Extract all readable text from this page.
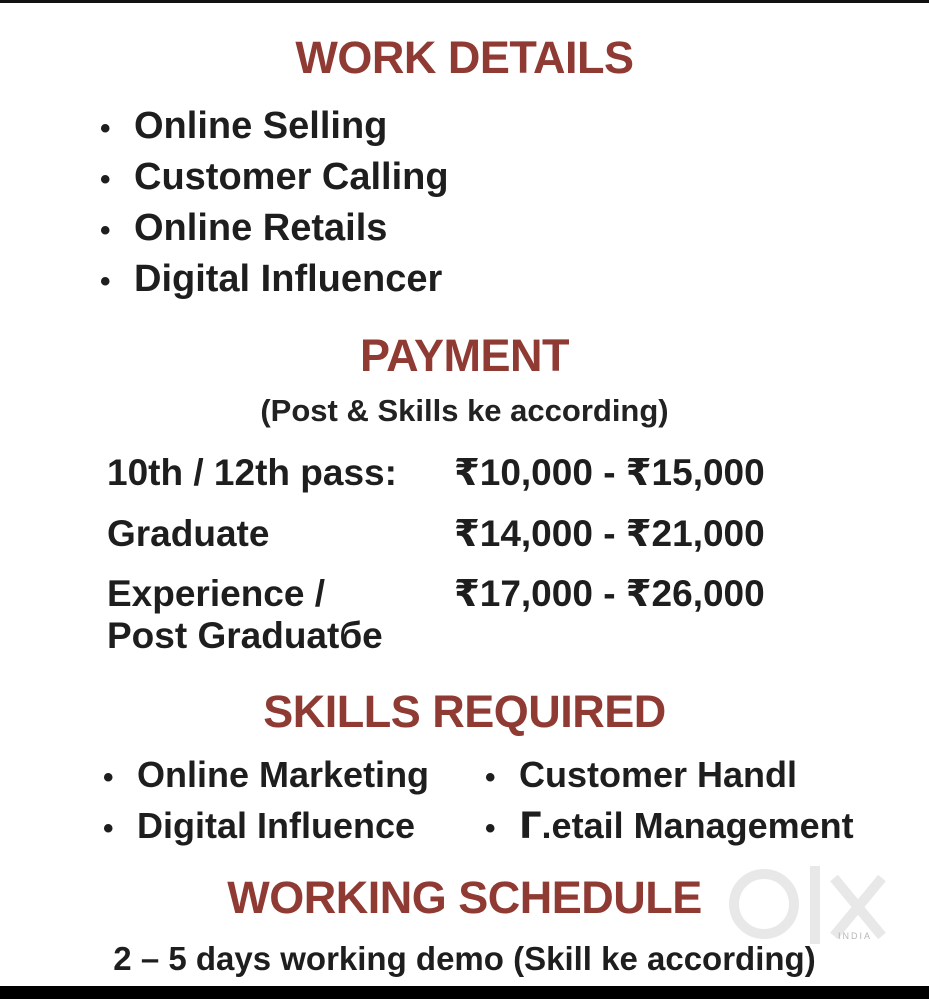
WORK DETAILS
• Online Selling
• Customer Calling
• Online Retails
• Digital Influencer
PAYMENT

(Post & Skills ke according)

10th / 12th pass: ₹10,000 - ₹15,000
Graduate	₹14,000 - ₹21,000
Experience /
Post Graduatбe
₹17,000 - ₹26,000
SKILLS REQUIRED
• Online Marketing • Customer Handl
• Digital Influence • ᒥ.etail Management
WORKING SCHEDULE

2 – 5 days working demo (Skill ke according)

INDIA
